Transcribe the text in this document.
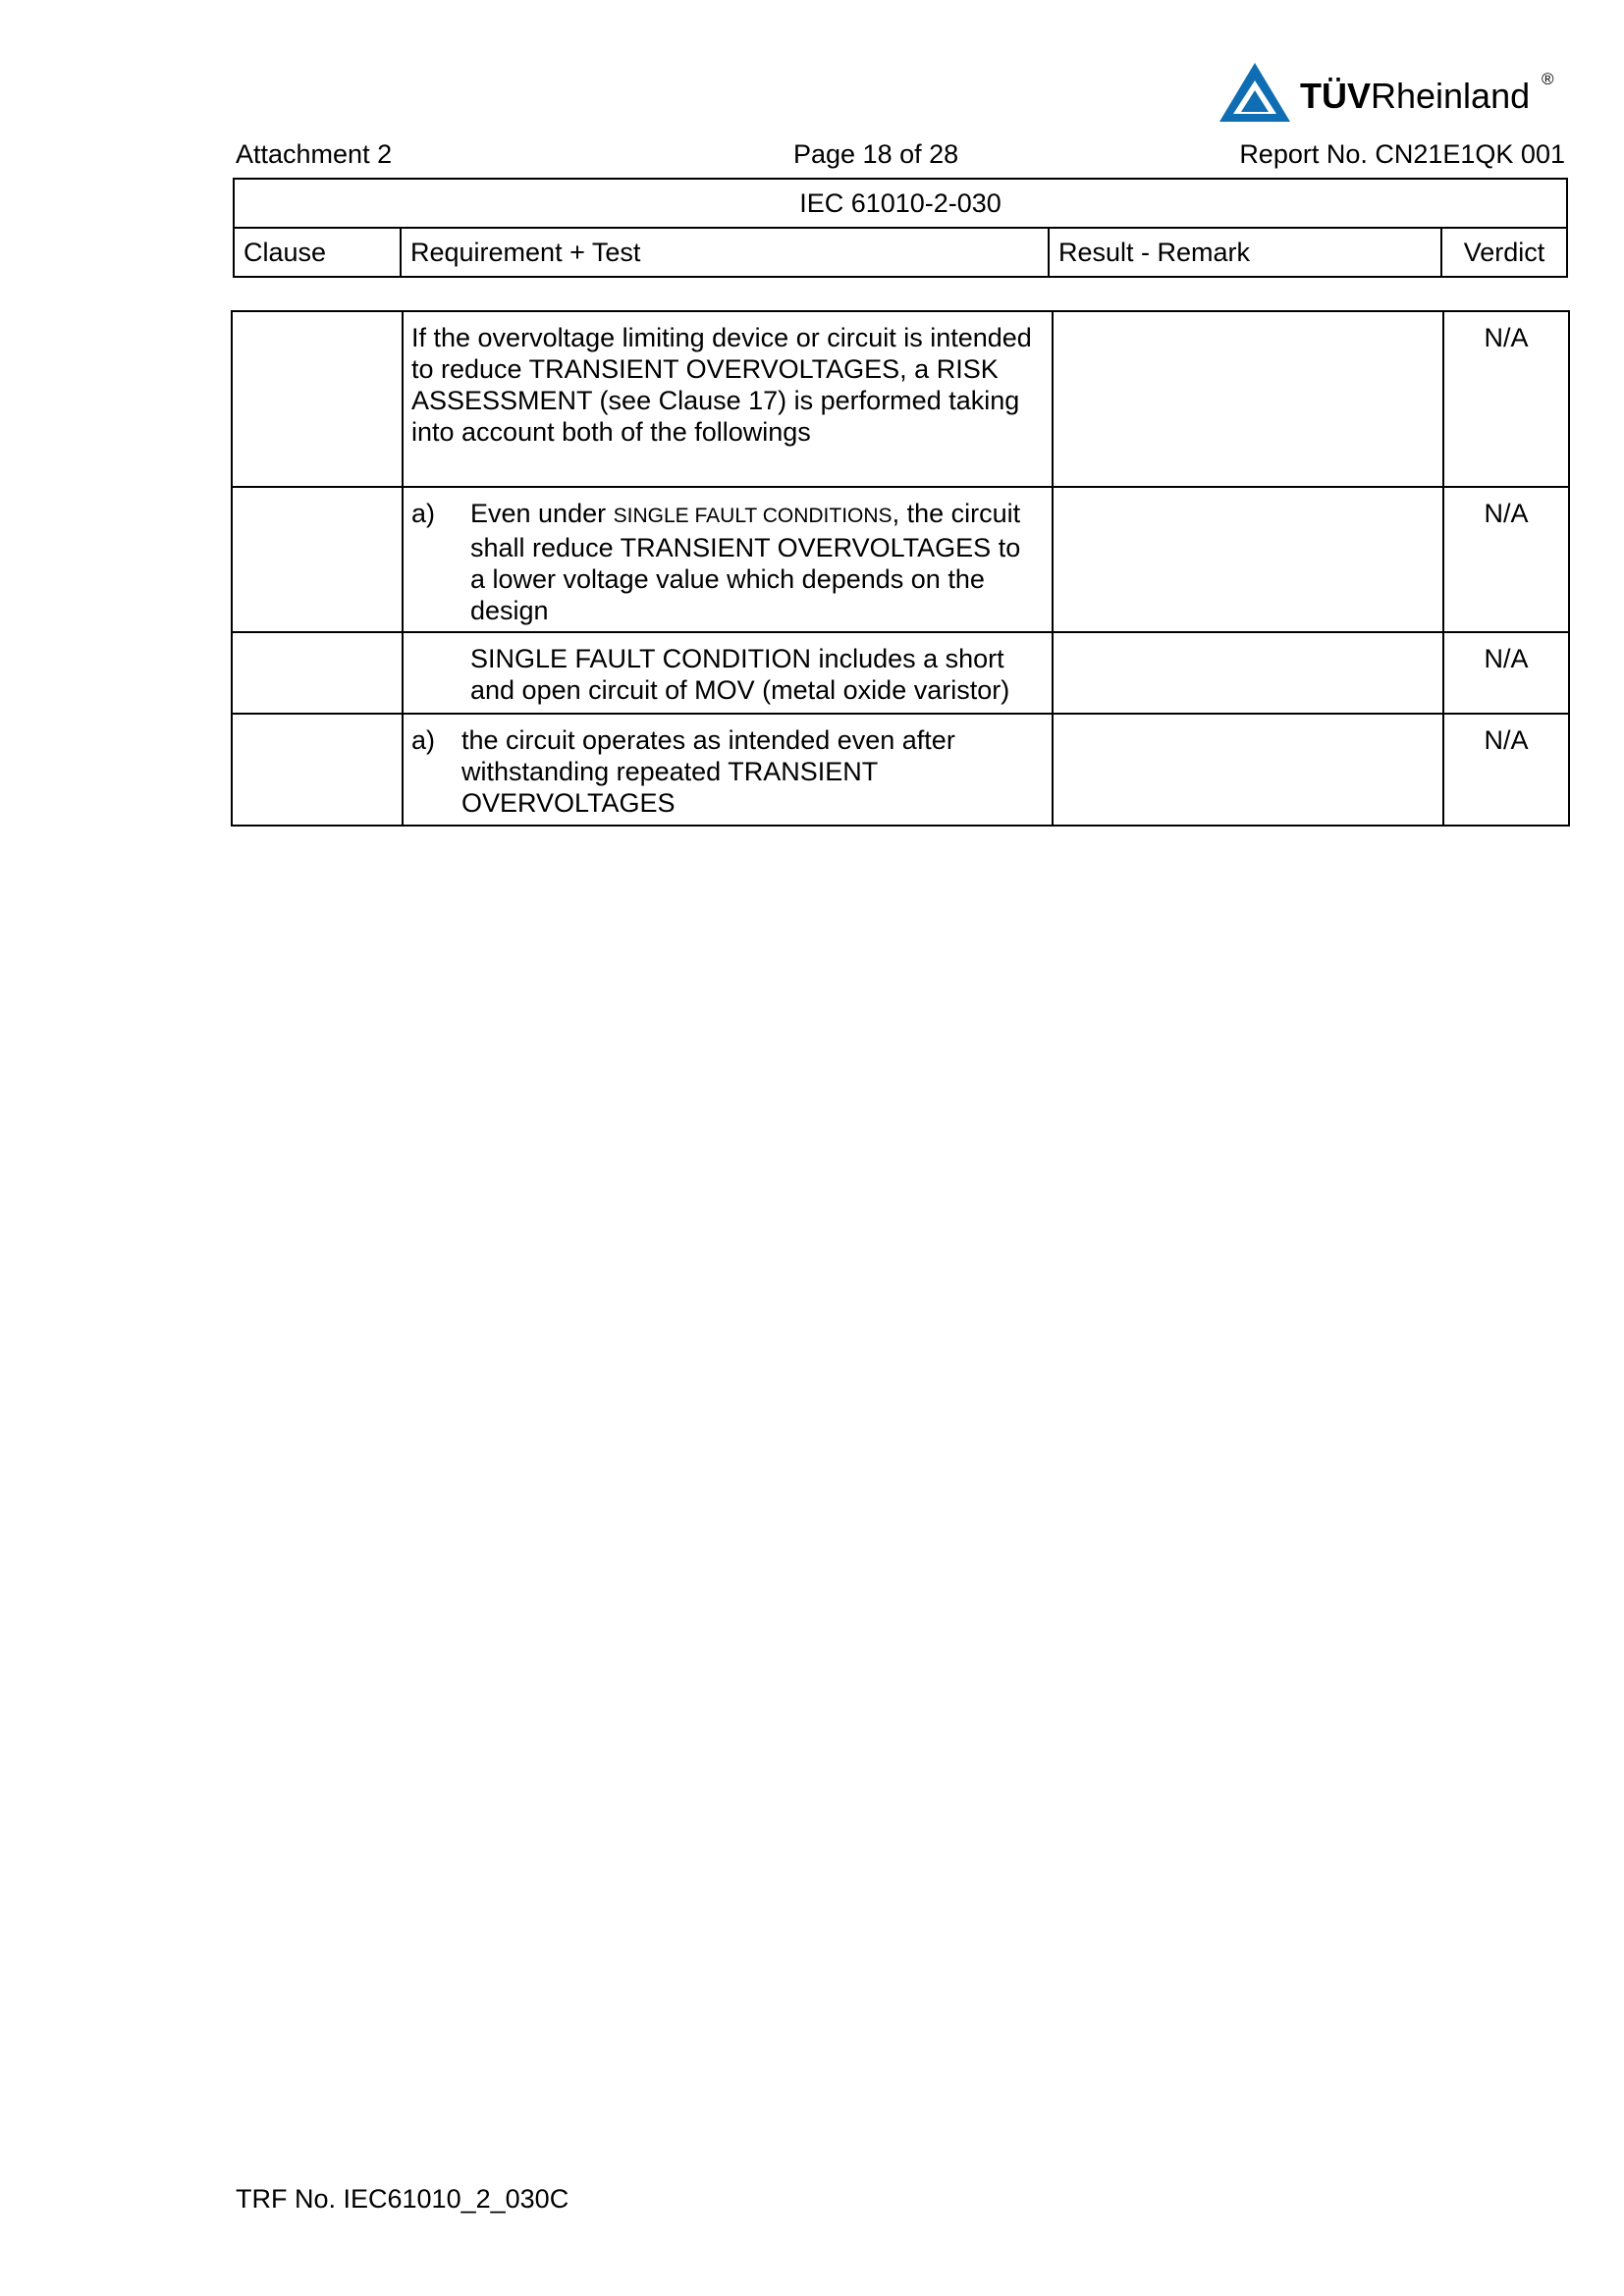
TÜVRheinland ®
Attachment 2	Page 18 of 28	Report No. CN21E1QK 001
IEC 61010-2-030
Clause	Requirement + Test	Result - Remark	Verdict
	If the overvoltage limiting device or circuit is intended to reduce TRANSIENT OVERVOLTAGES, a RISK ASSESSMENT (see Clause 17) is performed taking into account both of the followings		N/A

	a) Even under SINGLE FAULT CONDITIONS, the circuit shall reduce TRANSIENT OVERVOLTAGES to a lower voltage value which depends on the design		N/A

	SINGLE FAULT CONDITION includes a short and open circuit of MOV (metal oxide varistor)		N/A

	a) the circuit operates as intended even after withstanding repeated TRANSIENT OVERVOLTAGES		N/A
TRF No. IEC61010_2_030C
